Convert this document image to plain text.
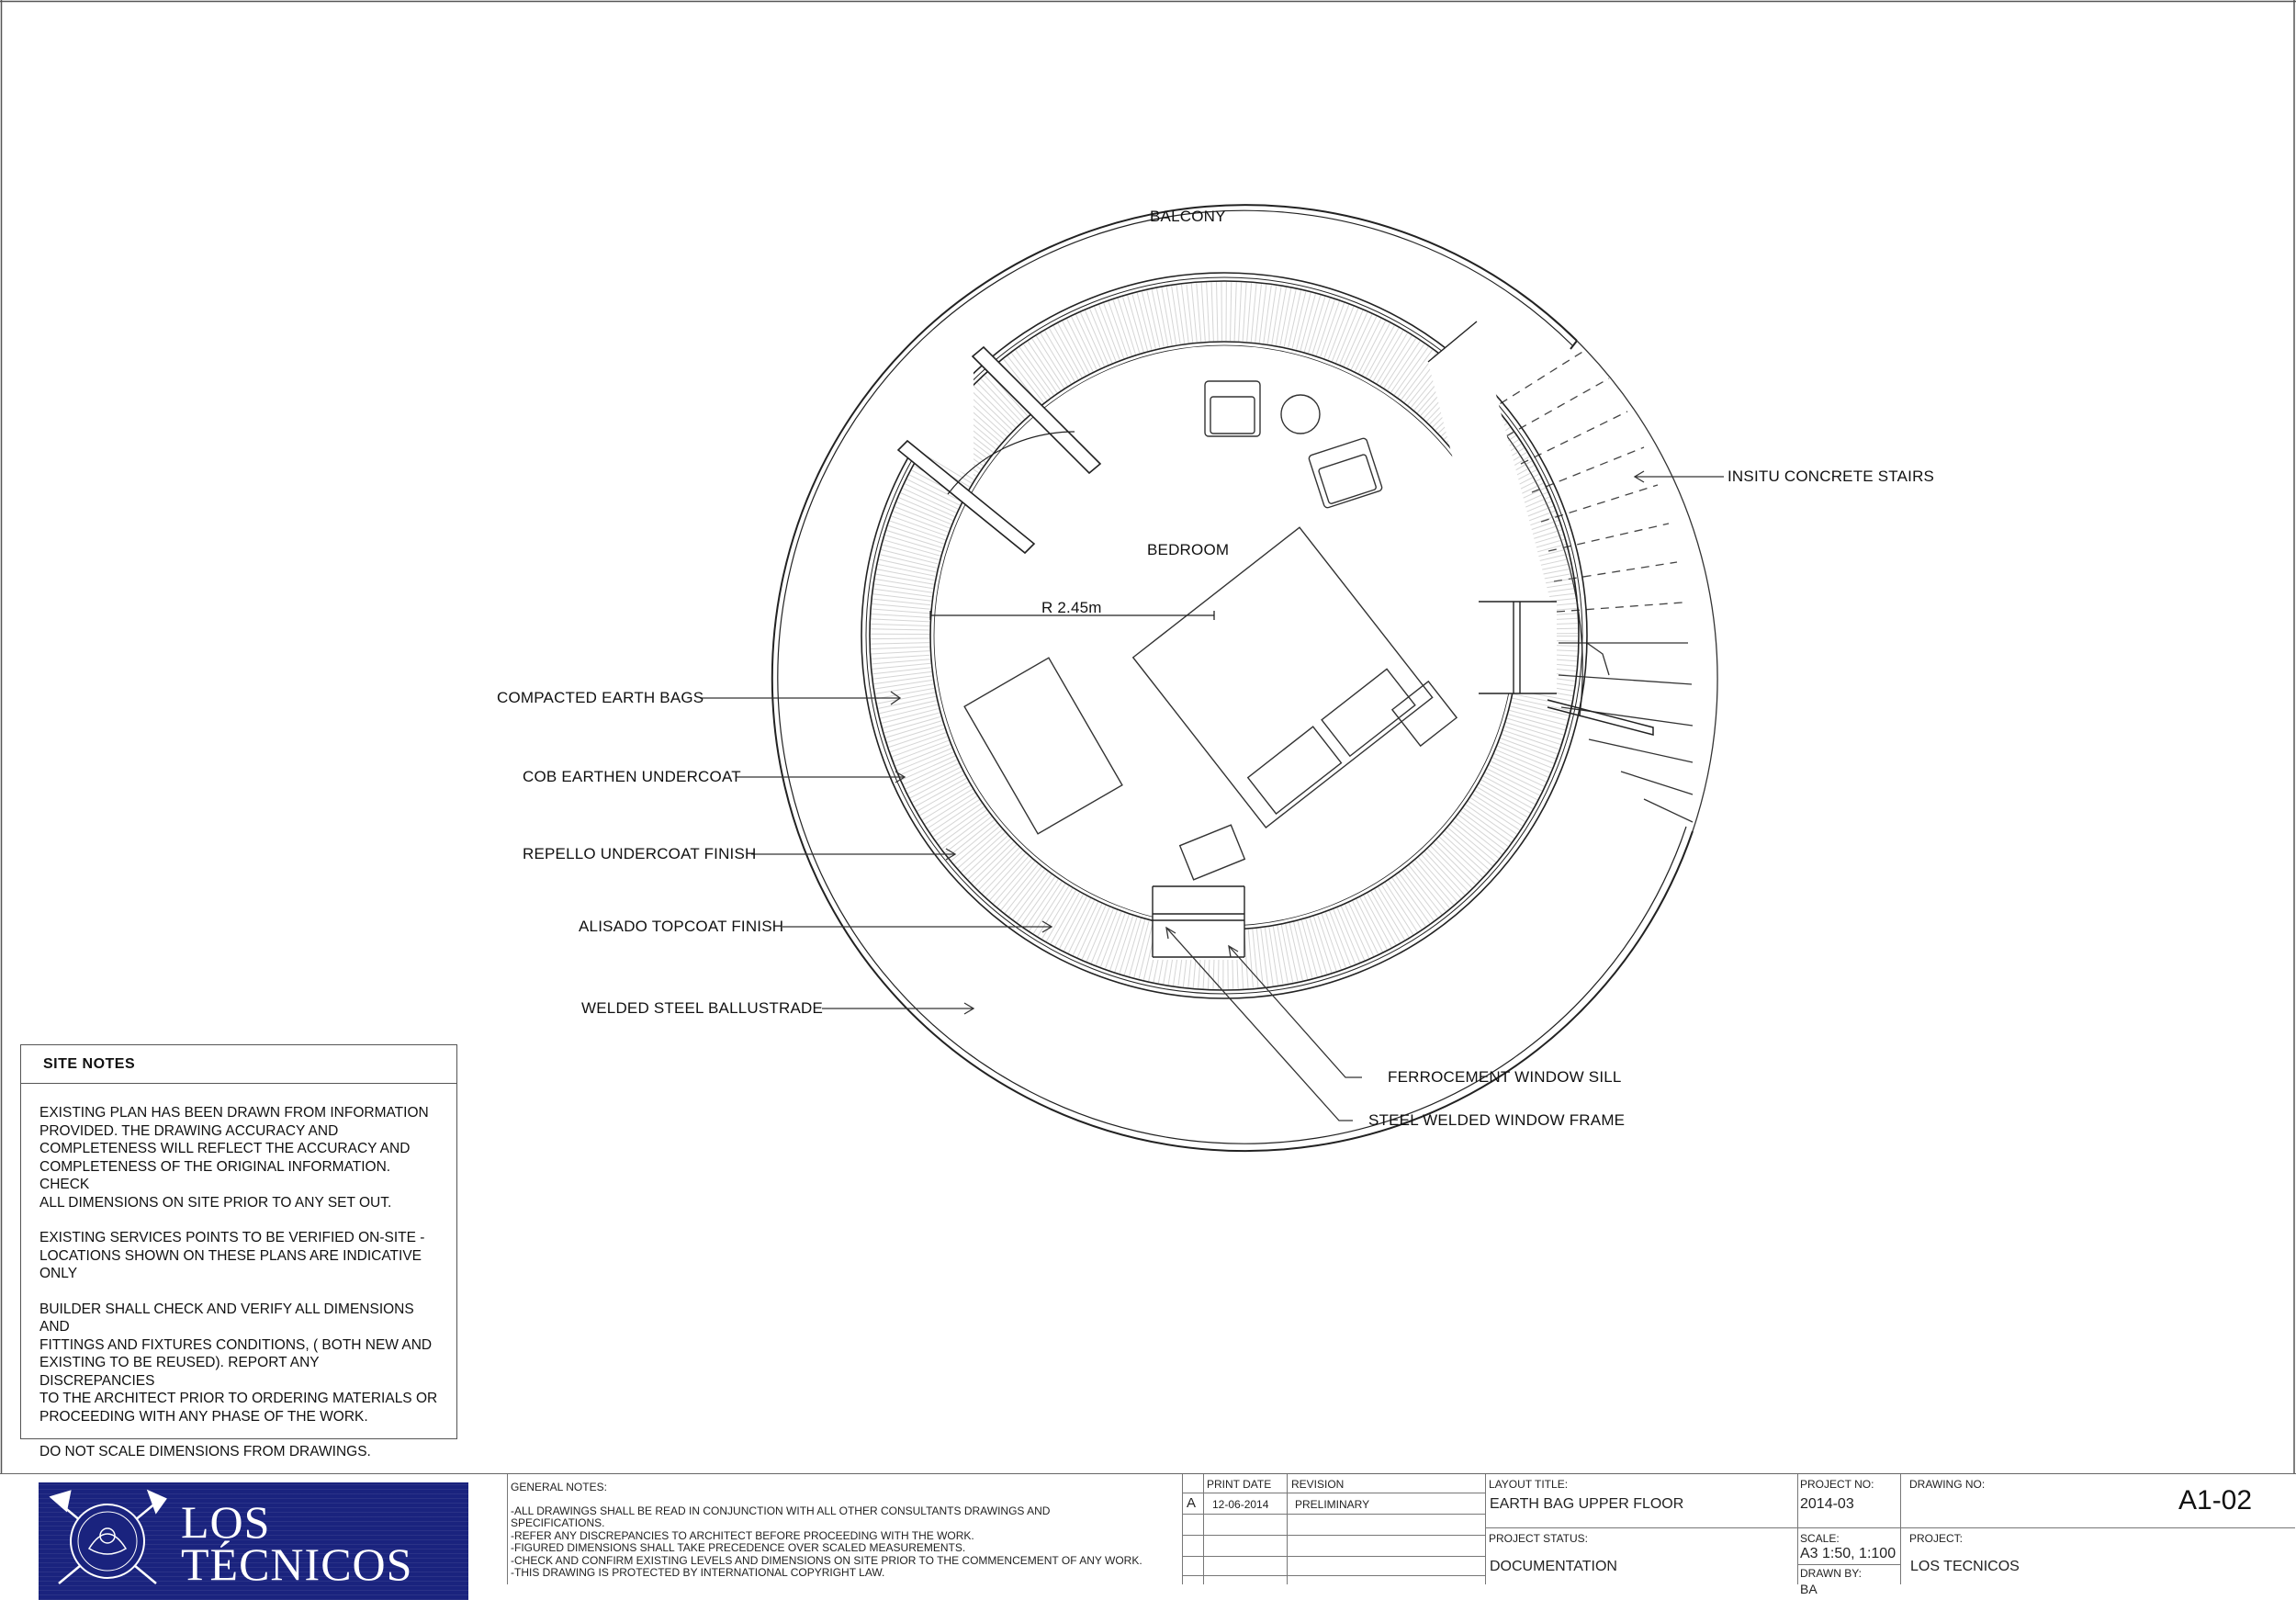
BALCONY
BEDROOM
R 2.45m
INSITU CONCRETE STAIRS
COMPACTED EARTH BAGS
COB EARTHEN UNDERCOAT
REPELLO UNDERCOAT FINISH
ALISADO TOPCOAT FINISH
WELDED STEEL BALLUSTRADE
FERROCEMENT WINDOW SILL
STEEL WELDED WINDOW FRAME
SITE NOTES
EXISTING PLAN HAS BEEN DRAWN FROM INFORMATION
PROVIDED. THE DRAWING ACCURACY AND
COMPLETENESS WILL REFLECT THE ACCURACY AND
COMPLETENESS OF THE ORIGINAL INFORMATION. CHECK
ALL DIMENSIONS ON SITE PRIOR TO ANY SET OUT.
EXISTING SERVICES POINTS TO BE VERIFIED ON-SITE -
LOCATIONS SHOWN ON THESE PLANS ARE INDICATIVE
ONLY
BUILDER SHALL CHECK AND VERIFY ALL DIMENSIONS AND
FITTINGS AND FIXTURES CONDITIONS, ( BOTH NEW AND
EXISTING TO BE REUSED). REPORT ANY DISCREPANCIES
TO THE ARCHITECT PRIOR TO ORDERING MATERIALS OR
PROCEEDING WITH ANY PHASE OF THE WORK.
DO NOT SCALE DIMENSIONS FROM DRAWINGS.
LOS
TÉCNICOS
GENERAL NOTES:
-ALL DRAWINGS SHALL BE READ IN CONJUNCTION WITH ALL OTHER CONSULTANTS DRAWINGS AND
SPECIFICATIONS.
-REFER ANY DISCREPANCIES TO ARCHITECT BEFORE PROCEEDING WITH THE WORK.
-FIGURED DIMENSIONS SHALL TAKE PRECEDENCE OVER SCALED MEASUREMENTS.
-CHECK AND CONFIRM EXISTING LEVELS AND DIMENSIONS ON SITE PRIOR TO THE COMMENCEMENT OF ANY WORK.
-THIS DRAWING IS PROTECTED BY INTERNATIONAL COPYRIGHT LAW.
PRINT DATE REVISION
A 12-06-2014 PRELIMINARY
LAYOUT TITLE:
EARTH BAG UPPER FLOOR
PROJECT STATUS:
DOCUMENTATION
PROJECT NO:
2014-03
SCALE:
A3 1:50, 1:100
DRAWN BY:
BA
DRAWING NO:
A1-02
PROJECT:
LOS TECNICOS
